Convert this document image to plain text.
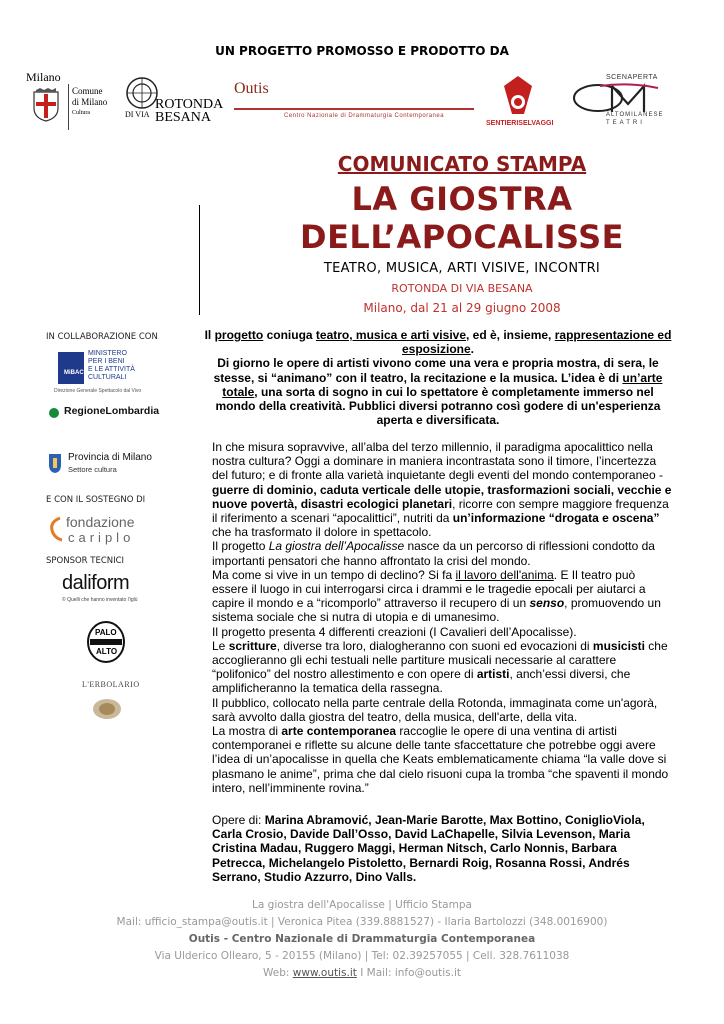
UN PROGETTO PROMOSSO E PRODOTTO DA
Milano
Comune
di Milano
Cultura
ROTONDA
DI VIA BESANA
Outis
Centro Nazionale di Drammaturgia Contemporanea
SENTIERISELVAGGI
SCENAPERTA
ALTOMILANESE
TEATRI
COMUNICATO STAMPA
LA GIOSTRA
DELL’APOCALISSE
TEATRO, MUSICA, ARTI VISIVE, INCONTRI
ROTONDA DI VIA BESANA
Milano, dal 21 al 29 giugno 2008
IN COLLABORAZIONE CON
MiBAC
MINISTERO
PER I BENI
E LE ATTIVITÀ
CULTURALI
Direzione Generale Spettacolo dal Vivo
RegioneLombardia
Provincia di Milano
Settore cultura
E CON IL SOSTEGNO DI
fondazione
cariplo
SPONSOR TECNICI
daliform
© Quelli che hanno inventato l'iglù
PALO
ALTO
L'ERBOLARIO
Il progetto coniuga teatro, musica e arti visive, ed è, insieme, rappresentazione ed esposizione.
Di giorno le opere di artisti vivono come una vera e propria mostra, di sera, le stesse, si “animano” con il teatro, la recitazione e la musica. L’idea è di un’arte totale, una sorta di sogno in cui lo spettatore è completamente immerso nel mondo della creatività. Pubblici diversi potranno così godere di un'esperienza aperta e diversificata.

In che misura sopravvive, all’alba del terzo millennio, il paradigma apocalittico nella nostra cultura? Oggi a dominare in maniera incontrastata sono il timore, l’incertezza del futuro; e di fronte alla varietà inquietante degli eventi del mondo contemporaneo - guerre di dominio, caduta verticale delle utopie, trasformazioni sociali, vecchie e nuove povertà, disastri ecologici planetari, ricorre con sempre maggiore frequenza il riferimento a scenari “apocalittici”, nutriti da un’informazione “drogata e oscena” che ha trasformato il dolore in spettacolo.

Il progetto La giostra dell’Apocalisse nasce da un percorso di riflessioni condotto da importanti pensatori che hanno affrontato la crisi del mondo.

Ma come si vive in un tempo di declino? Si fa il lavoro dell'anima. E Il teatro può essere il luogo in cui interrogarsi circa i drammi e le tragedie epocali per aiutarci a capire il mondo e a “ricomporlo” attraverso il recupero di un senso, promuovendo un sistema sociale che si nutra di utopia e di umanesimo.

Il progetto presenta 4 differenti creazioni (I Cavalieri dell’Apocalisse).

Le scritture, diverse tra loro, dialogheranno con suoni ed evocazioni di musicisti che accoglieranno gli echi testuali nelle partiture musicali necessarie al carattere “polifonico” del nostro allestimento e con opere di artisti, anch’essi diversi, che amplificheranno la tematica della rassegna.

Il pubblico, collocato nella parte centrale della Rotonda, immaginata come un'agorà, sarà avvolto dalla giostra del teatro, della musica, dell'arte, della vita.

La mostra di arte contemporanea raccoglie le opere di una ventina di artisti contemporanei e riflette su alcune delle tante sfaccettature che potrebbe oggi avere l’idea di un’apocalisse in quella che Keats emblematicamente chiama “la valle dove si plasmano le anime”, prima che dal cielo risuoni cupa la tromba “che spaventi il mondo intero, nell’imminente rovina.”

Opere di: Marina Abramović, Jean-Marie Barotte, Max Bottino, ConiglioViola, Carla Crosio, Davide Dall’Osso, David LaChapelle, Silvia Levenson, Maria Cristina Madau, Ruggero Maggi, Herman Nitsch, Carlo Nonnis, Barbara Petrecca, Michelangelo Pistoletto, Bernardi Roig, Rosanna Rossi, Andrés Serrano, Studio Azzurro, Dino Valls.
La giostra dell'Apocalisse | Ufficio Stampa
Mail: ufficio_stampa@outis.it | Veronica Pitea (339.8881527) - Ilaria Bartolozzi (348.0016900)
Outis - Centro Nazionale di Drammaturgia Contemporanea
Via Ulderico Ollearo, 5 - 20155 (Milano) | Tel: 02.39257055 | Cell. 328.7611038
Web: www.outis.it I Mail: info@outis.it
